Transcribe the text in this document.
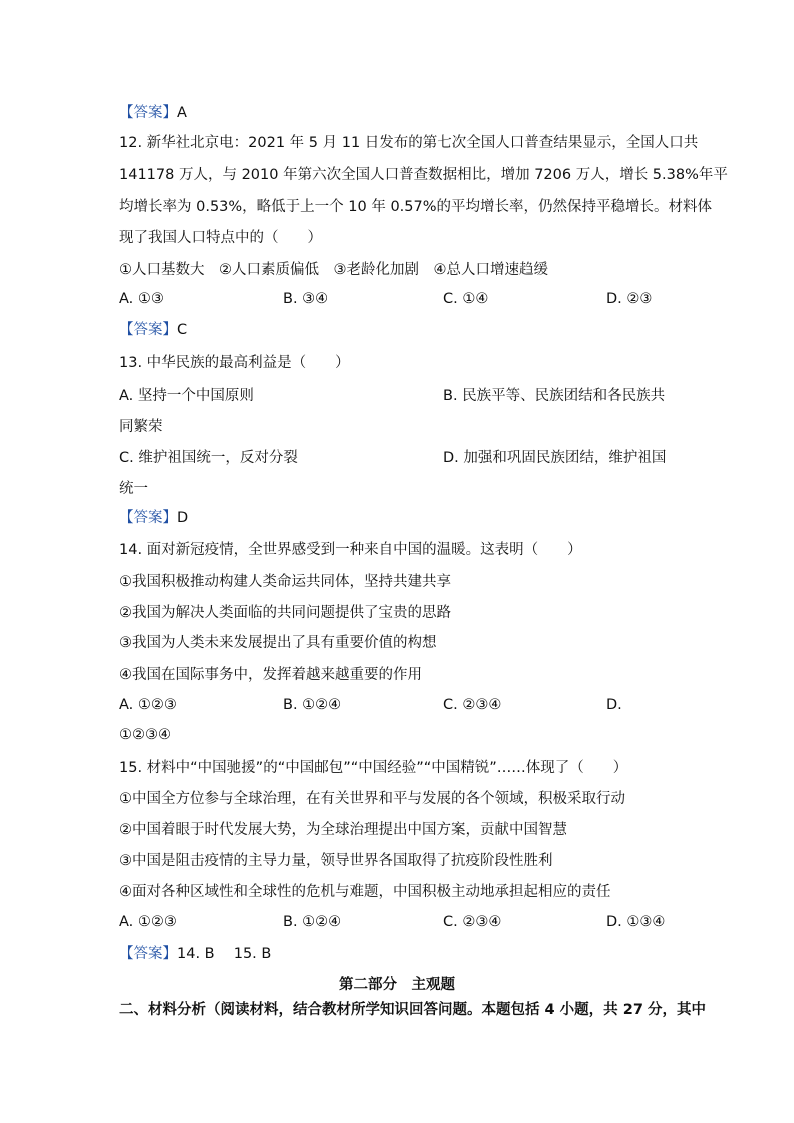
【答案】A
12. 新华社北京电：2021 年 5 月 11 日发布的第七次全国人口普查结果显示，全国人口共
141178 万人，与 2010 年第六次全国人口普查数据相比，增加 7206 万人，增长 5.38%年平
均增长率为 0.53%，略低于上一个 10 年 0.57%的平均增长率，仍然保持平稳增长。材料体
现了我国人口特点中的（　　）
①人口基数大　②人口素质偏低　③老龄化加剧　④总人口增速趋缓
A. ①③	B. ③④	C. ①④	D. ②③
【答案】C
13. 中华民族的最高利益是（　　）
A. 坚持一个中国原则	B. 民族平等、民族团结和各民族共
同繁荣
C. 维护祖国统一，反对分裂	D. 加强和巩固民族团结，维护祖国
统一
【答案】D
14. 面对新冠疫情，全世界感受到一种来自中国的温暖。这表明（　　）
①我国积极推动构建人类命运共同体，坚持共建共享
②我国为解决人类面临的共同问题提供了宝贵的思路
③我国为人类未来发展提出了具有重要价值的构想
④我国在国际事务中，发挥着越来越重要的作用
A. ①②③	B. ①②④	C. ②③④	D.
①②③④
15. 材料中“中国驰援”的“中国邮包”“中国经验”“中国精锐”……体现了（　　）
①中国全方位参与全球治理，在有关世界和平与发展的各个领域，积极采取行动
②中国着眼于时代发展大势，为全球治理提出中国方案，贡献中国智慧
③中国是阻击疫情的主导力量，领导世界各国取得了抗疫阶段性胜利
④面对各种区域性和全球性的危机与难题，中国积极主动地承担起相应的责任
A. ①②③	B. ①②④	C. ②③④	D. ①③④
【答案】14. B　 15. B
第二部分　主观题
二、材料分析（阅读材料，结合教材所学知识回答问题。本题包括 4 小题，共 27 分，其中
